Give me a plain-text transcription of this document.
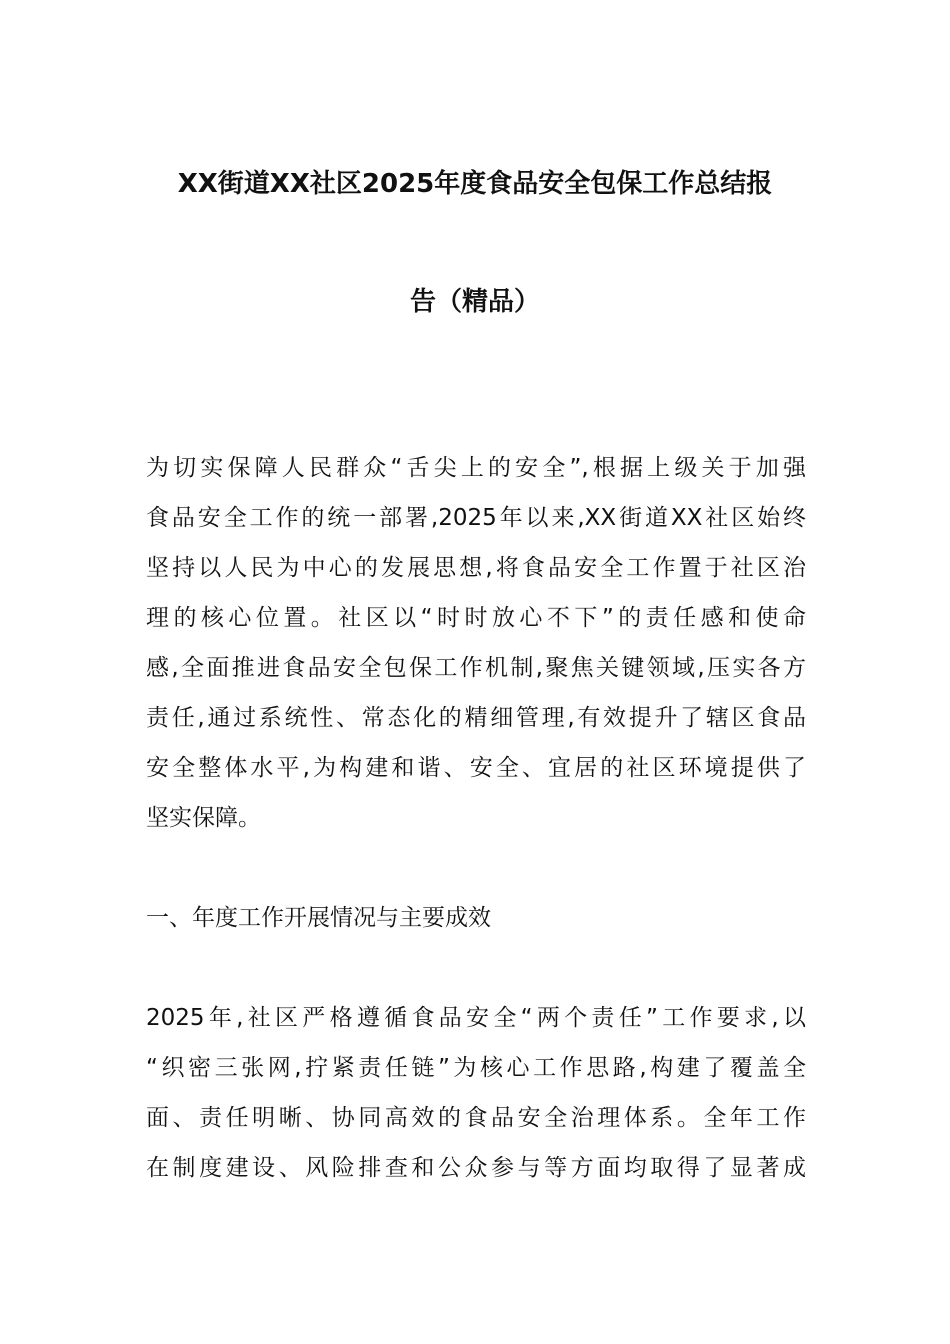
XX街道XX社区2025年度食品安全包保工作总结报
告（精品）
为切实保障人民群众“舌尖上的安全”,根据上级关于加强
食品安全工作的统一部署,2025年以来,XX街道XX社区始终
坚持以人民为中心的发展思想,将食品安全工作置于社区治
理的核心位置。社区以“时时放心不下”的责任感和使命
感,全面推进食品安全包保工作机制,聚焦关键领域,压实各方
责任,通过系统性、常态化的精细管理,有效提升了辖区食品
安全整体水平,为构建和谐、安全、宜居的社区环境提供了
坚实保障。
一、年度工作开展情况与主要成效
2025年,社区严格遵循食品安全“两个责任”工作要求,以
“织密三张网,拧紧责任链”为核心工作思路,构建了覆盖全
面、责任明晰、协同高效的食品安全治理体系。全年工作
在制度建设、风险排查和公众参与等方面均取得了显著成
